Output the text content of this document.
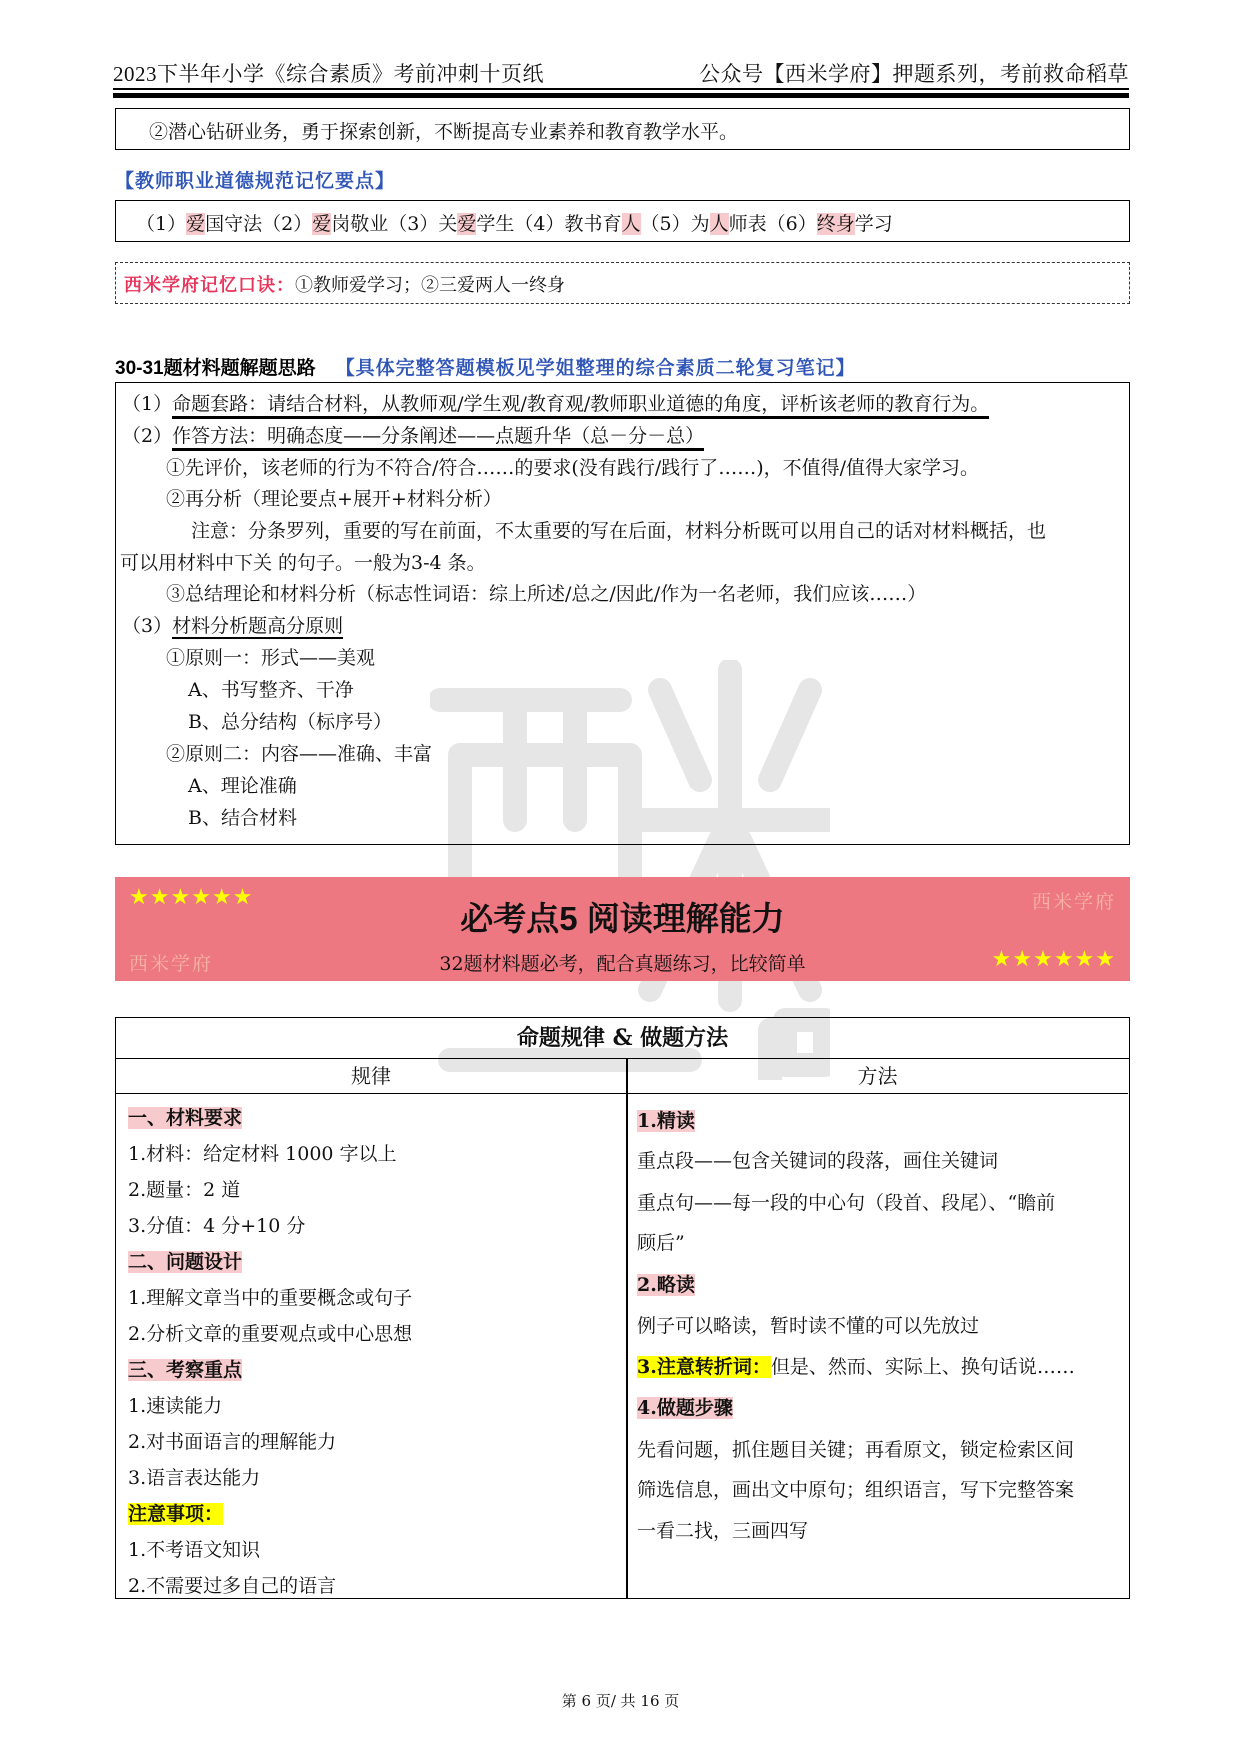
2023下半年小学《综合素质》考前冲刺十页纸	公众号【西米学府】押题系列，考前救命稻草
②潜心钻研业务，勇于探索创新，不断提高专业素养和教育教学水平。
【教师职业道德规范记忆要点】
（1）爱国守法（2）爱岗敬业（3）关爱学生（4）教书育人（5）为人师表（6）终身学习
西米学府记忆口诀：①教师爱学习；②三爱两人一终身
30-31题材料题解题思路 【具体完整答题模板见学姐整理的综合素质二轮复习笔记】
（1）命题套路：请结合材料，从教师观/学生观/教育观/教师职业道德的角度，评析该老师的教育行为。
（2）作答方法：明确态度——分条阐述——点题升华（总－分－总）
①先评价，该老师的行为不符合/符合……的要求(没有践行/践行了……)，不值得/值得大家学习。
②再分析（理论要点+展开+材料分析）
注意：分条罗列，重要的写在前面，不太重要的写在后面，材料分析既可以用自己的话对材料概括，也
可以用材料中下关 的句子。一般为3-4 条。
③总结理论和材料分析（标志性词语：综上所述/总之/因此/作为一名老师，我们应该……）
（3）材料分析题高分原则
①原则一：形式——美观
A、书写整齐、干净
B、总分结构（标序号）
②原则二：内容——准确、丰富
A、理论准确
B、结合材料
★★★★★★	西米学府
必考点5 阅读理解能力
32题材料题必考，配合真题练习，比较简单
西米学府	★★★★★★
命题规律 & 做题方法
规律	方法
一、材料要求
1.材料：给定材料 1000 字以上
2.题量：2 道
3.分值：4 分+10 分
二、问题设计
1.理解文章当中的重要概念或句子
2.分析文章的重要观点或中心思想
三、考察重点
1.速读能力
2.对书面语言的理解能力
3.语言表达能力
注意事项：
1.不考语文知识
2.不需要过多自己的语言
1.精读
重点段——包含关键词的段落，画住关键词
重点句——每一段的中心句（段首、段尾）、“瞻前
顾后”
2.略读
例子可以略读，暂时读不懂的可以先放过
3.注意转折词：但是、然而、实际上、换句话说……
4.做题步骤
先看问题，抓住题目关键；再看原文，锁定检索区间
筛选信息，画出文中原句；组织语言，写下完整答案
一看二找，三画四写
第 6 页/ 共 16 页
